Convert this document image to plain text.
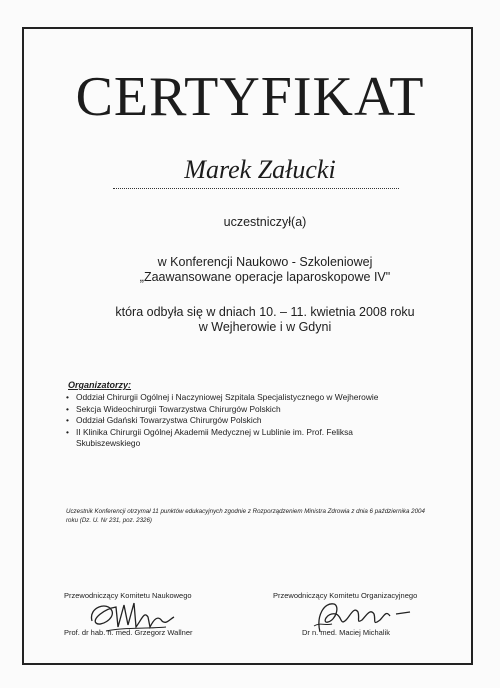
CERTYFIKAT
Marek Załucki
uczestniczył(a)
w Konferencji Naukowo - Szkoleniowej
„Zaawansowane operacje laparoskopowe IV"
która odbyła się w dniach 10. – 11. kwietnia 2008 roku
w Wejherowie i w Gdyni
Organizatorzy:
• Oddział Chirurgii Ogólnej i Naczyniowej Szpitala Specjalistycznego w Wejherowie
• Sekcja Wideochirurgii Towarzystwa Chirurgów Polskich
• Oddział Gdański Towarzystwa Chirurgów Polskich
• II Klinika Chirurgii Ogólnej Akademii Medycznej w Lublinie im. Prof. Feliksa Skubiszewskiego
Uczestnik Konferencji otrzymał 11 punktów edukacyjnych zgodnie z Rozporządzeniem Ministra Zdrowia z dnia 6 października 2004 roku (Dz. U. Nr 231, poz. 2326)
Przewodniczący Komitetu Naukowego
Prof. dr hab. n. med. Grzegorz Wallner
Przewodniczący Komitetu Organizacyjnego
Dr n. med. Maciej Michalik
